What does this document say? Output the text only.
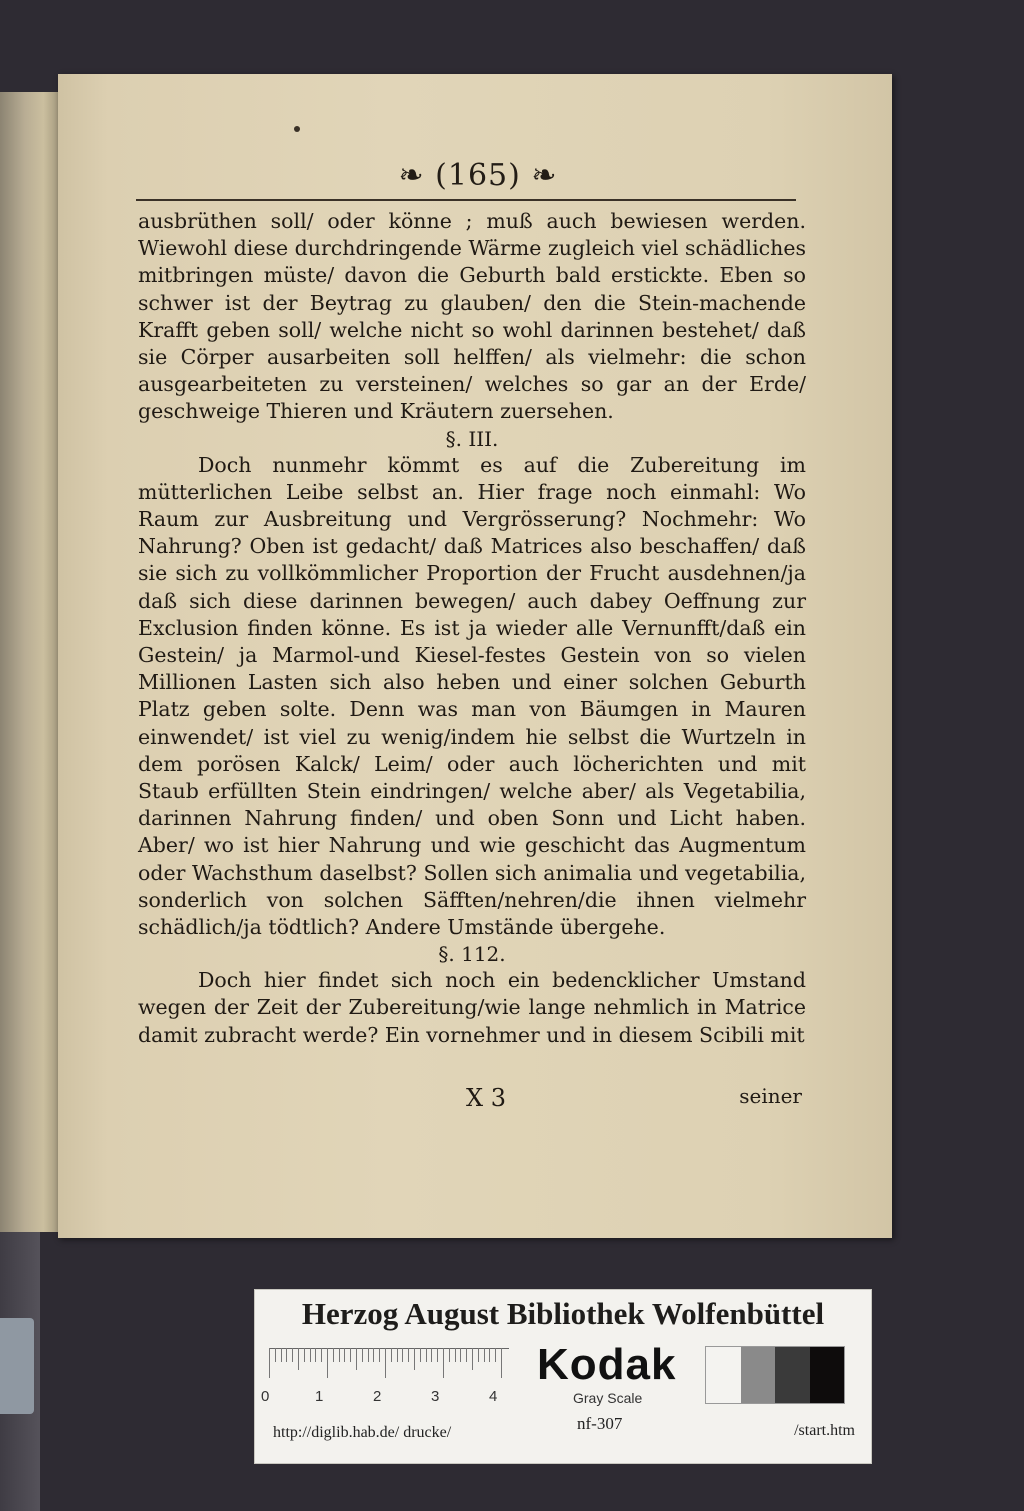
❧ (165) ❧

ausbrüthen soll/ oder könne ; muß auch bewiesen werden. Wiewohl diese durchdringende Wärme zugleich viel schädliches mitbringen müste/ davon die Geburth bald erstickte. Eben so schwer ist der Beytrag zu glauben/ den die Stein-machende Krafft geben soll/ welche nicht so wohl darinnen bestehet/ daß sie Cörper ausarbeiten soll helffen/ als vielmehr: die schon ausgearbeiteten zu versteinen/ welches so gar an der Erde/ geschweige Thieren und Kräutern zuersehen.

§. III.

Doch nunmehr kömmt es auf die Zubereitung im mütterlichen Leibe selbst an. Hier frage noch einmahl: Wo Raum zur Ausbreitung und Vergrösserung? Nochmehr: Wo Nahrung? Oben ist gedacht/ daß Matrices also beschaffen/ daß sie sich zu vollkömmlicher Proportion der Frucht ausdehnen/ja daß sich diese darinnen bewegen/ auch dabey Oeffnung zur Exclusion finden könne. Es ist ja wieder alle Vernunfft/daß ein Gestein/ ja Marmol-und Kiesel-festes Gestein von so vielen Millionen Lasten sich also heben und einer solchen Geburth Platz geben solte. Denn was man von Bäumgen in Mauren einwendet/ ist viel zu wenig/indem hie selbst die Wurtzeln in dem porösen Kalck/ Leim/ oder auch löcherichten und mit Staub erfüllten Stein eindringen/ welche aber/ als Vegetabilia, darinnen Nahrung finden/ und oben Sonn und Licht haben. Aber/ wo ist hier Nahrung und wie geschicht das Augmentum oder Wachsthum daselbst? Sollen sich animalia und vegetabilia, sonderlich von solchen Säfften/nehren/die ihnen vielmehr schädlich/ja tödtlich? Andere Umstände übergehe.

§. 112.

Doch hier findet sich noch ein bedencklicher Umstand wegen der Zeit der Zubereitung/wie lange nehmlich in Matrice damit zubracht werde? Ein vornehmer und in diesem Scibili mit

X 3	seiner
Herzog August Bibliothek Wolfenbüttel
0	1	2	3	4
Kodak
Gray Scale
nf-307
http://diglib.hab.de/ drucke/	/start.htm
